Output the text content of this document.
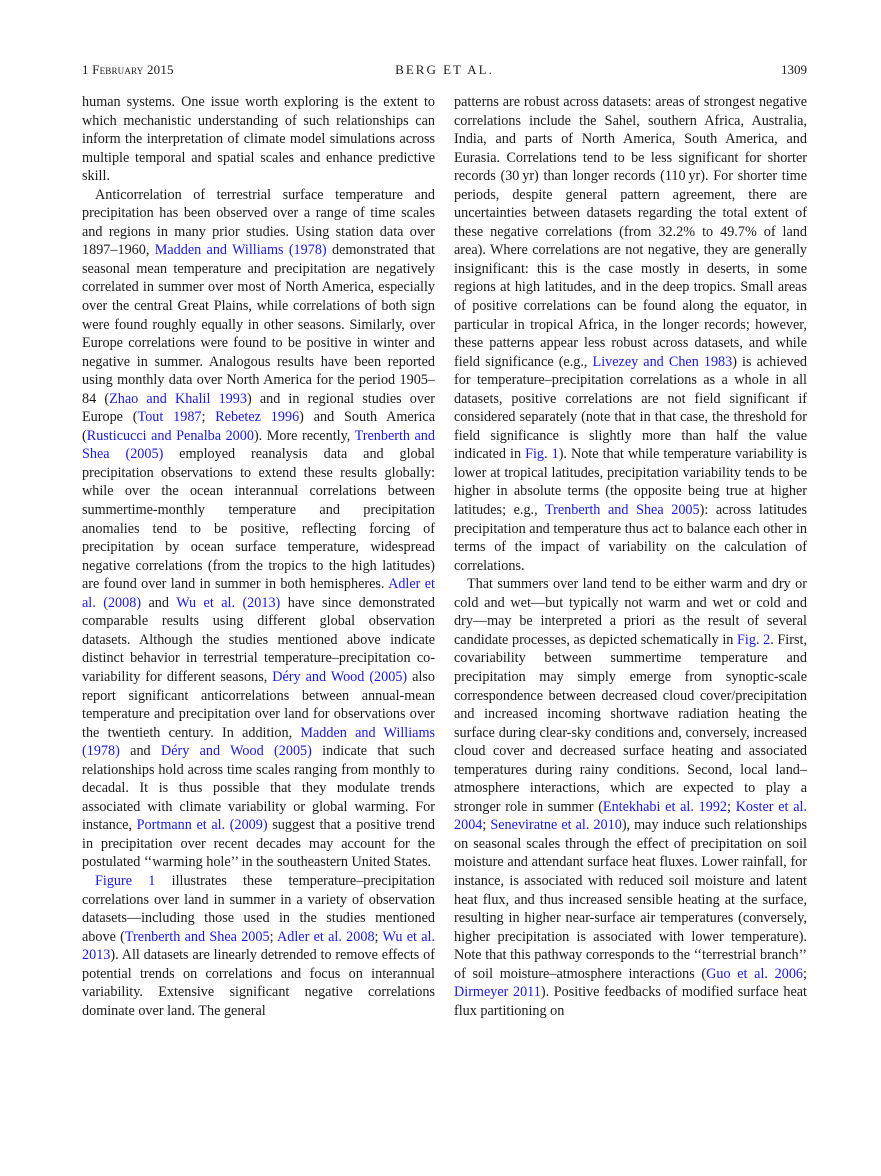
1 February 2015	BERG ET AL.	1309

human systems. One issue worth exploring is the extent to which mechanistic understanding of such relationships can inform the interpretation of climate model simulations across multiple temporal and spatial scales and enhance predictive skill.

Anticorrelation of terrestrial surface temperature and precipitation has been observed over a range of time scales and regions in many prior studies. Using station data over 1897–1960, Madden and Williams (1978) demonstrated that seasonal mean temperature and precipitation are negatively correlated in summer over most of North America, especially over the central Great Plains, while correlations of both sign were found roughly equally in other seasons. Similarly, over Europe correlations were found to be positive in winter and negative in summer. Analogous results have been reported using monthly data over North America for the period 1905–84 (Zhao and Khalil 1993) and in regional studies over Europe (Tout 1987; Rebetez 1996) and South America (Rusticucci and Penalba 2000). More recently, Trenberth and Shea (2005) employed reanalysis data and global precipitation observations to extend these results globally: while over the ocean interannual correlations between summertime-monthly temperature and precipitation anomalies tend to be positive, reflecting forcing of precipitation by ocean surface temperature, widespread negative correlations (from the tropics to the high latitudes) are found over land in summer in both hemispheres. Adler et al. (2008) and Wu et al. (2013) have since demonstrated comparable results using different global observation datasets. Although the studies mentioned above indicate distinct behavior in terrestrial temperature–precipitation covariability for different seasons, Déry and Wood (2005) also report significant anticorrelations between annual-mean temperature and precipitation over land for observations over the twentieth century. In addition, Madden and Williams (1978) and Déry and Wood (2005) indicate that such relationships hold across time scales ranging from monthly to decadal. It is thus possible that they modulate trends associated with climate variability or global warming. For instance, Portmann et al. (2009) suggest that a positive trend in precipitation over recent decades may account for the postulated ‘‘warming hole’’ in the southeastern United States.

Figure 1 illustrates these temperature–precipitation correlations over land in summer in a variety of observation datasets—including those used in the studies mentioned above (Trenberth and Shea 2005; Adler et al. 2008; Wu et al. 2013). All datasets are linearly detrended to remove effects of potential trends on correlations and focus on interannual variability. Extensive significant negative correlations dominate over land. The general

patterns are robust across datasets: areas of strongest negative correlations include the Sahel, southern Africa, Australia, India, and parts of North America, South America, and Eurasia. Correlations tend to be less significant for shorter records (30 yr) than longer records (110 yr). For shorter time periods, despite general pattern agreement, there are uncertainties between datasets regarding the total extent of these negative correlations (from 32.2% to 49.7% of land area). Where correlations are not negative, they are generally insignificant: this is the case mostly in deserts, in some regions at high latitudes, and in the deep tropics. Small areas of positive correlations can be found along the equator, in particular in tropical Africa, in the longer records; however, these patterns appear less robust across datasets, and while field significance (e.g., Livezey and Chen 1983) is achieved for temperature–precipitation correlations as a whole in all datasets, positive correlations are not field significant if considered separately (note that in that case, the threshold for field significance is slightly more than half the value indicated in Fig. 1). Note that while temperature variability is lower at tropical latitudes, precipitation variability tends to be higher in absolute terms (the opposite being true at higher latitudes; e.g., Trenberth and Shea 2005): across latitudes precipitation and temperature thus act to balance each other in terms of the impact of variability on the calculation of correlations.

That summers over land tend to be either warm and dry or cold and wet—but typically not warm and wet or cold and dry—may be interpreted a priori as the result of several candidate processes, as depicted schematically in Fig. 2. First, covariability between summertime temperature and precipitation may simply emerge from synoptic-scale correspondence between decreased cloud cover/precipitation and increased incoming shortwave radiation heating the surface during clear-sky conditions and, conversely, increased cloud cover and decreased surface heating and associated temperatures during rainy conditions. Second, local land–atmosphere interactions, which are expected to play a stronger role in summer (Entekhabi et al. 1992; Koster et al. 2004; Seneviratne et al. 2010), may induce such relationships on seasonal scales through the effect of precipitation on soil moisture and attendant surface heat fluxes. Lower rainfall, for instance, is associated with reduced soil moisture and latent heat flux, and thus increased sensible heating at the surface, resulting in higher near-surface air temperatures (conversely, higher precipitation is associated with lower temperature). Note that this pathway corresponds to the ‘‘terrestrial branch’’ of soil moisture–atmosphere interactions (Guo et al. 2006; Dirmeyer 2011). Positive feedbacks of modified surface heat flux partitioning on
